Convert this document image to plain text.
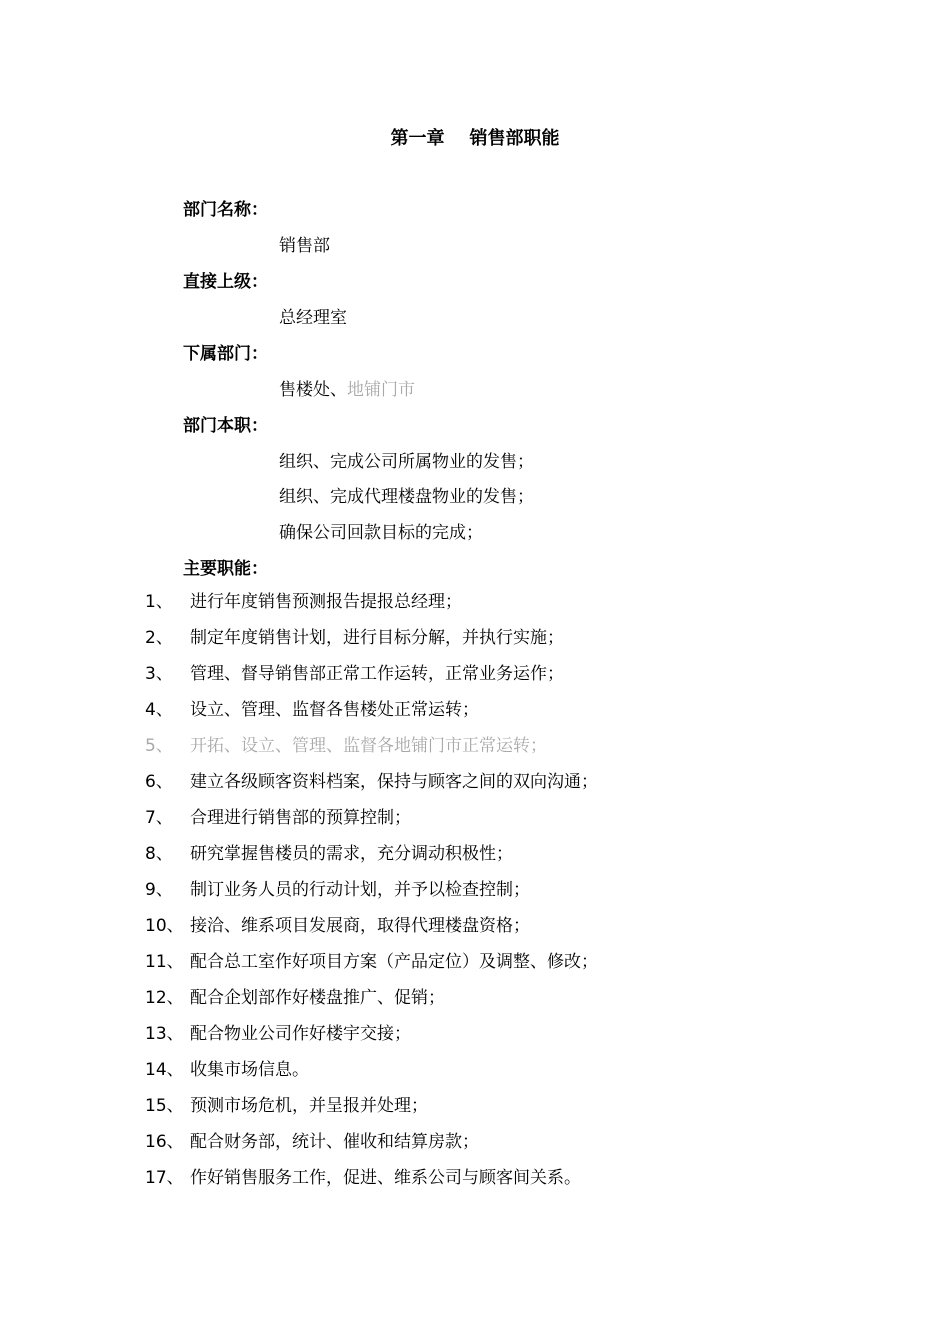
第一章    销售部职能
部门名称：
销售部
直接上级：
总经理室
下属部门：
售楼处、地铺门市
部门本职：
组织、完成公司所属物业的发售；
组织、完成代理楼盘物业的发售；
确保公司回款目标的完成；
主要职能：
1、	进行年度销售预测报告提报总经理；
2、	制定年度销售计划，进行目标分解，并执行实施；
3、	管理、督导销售部正常工作运转，正常业务运作；
4、	设立、管理、监督各售楼处正常运转；
5、	开拓、设立、管理、监督各地铺门市正常运转；
6、	建立各级顾客资料档案，保持与顾客之间的双向沟通；
7、	合理进行销售部的预算控制；
8、	研究掌握售楼员的需求，充分调动积极性；
9、	制订业务人员的行动计划，并予以检查控制；
10、 接洽、维系项目发展商，取得代理楼盘资格；
11、 配合总工室作好项目方案（产品定位）及调整、修改；
12、 配合企划部作好楼盘推广、促销；
13、 配合物业公司作好楼宇交接；
14、 收集市场信息。
15、 预测市场危机，并呈报并处理；
16、 配合财务部，统计、催收和结算房款；
17、 作好销售服务工作，促进、维系公司与顾客间关系。
